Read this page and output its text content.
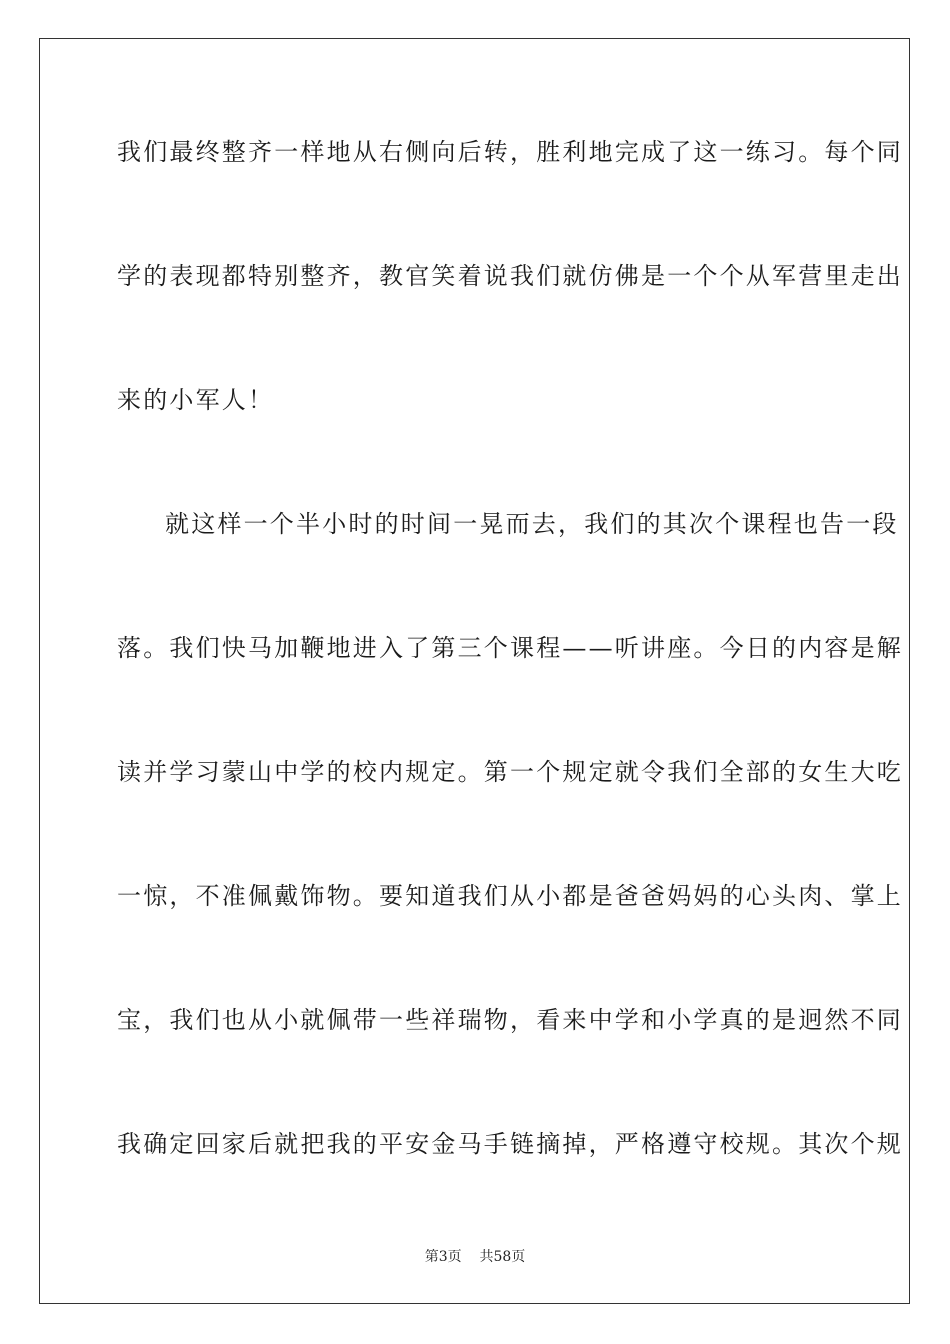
我们最终整齐一样地从右侧向后转，胜利地完成了这一练习。每个同
学的表现都特别整齐，教官笑着说我们就仿佛是一个个从军营里走出
来的小军人！
就这样一个半小时的时间一晃而去，我们的其次个课程也告一段
落。我们快马加鞭地进入了第三个课程——听讲座。今日的内容是解
读并学习蒙山中学的校内规定。第一个规定就令我们全部的女生大吃
一惊，不准佩戴饰物。要知道我们从小都是爸爸妈妈的心头肉、掌上
宝，我们也从小就佩带一些祥瑞物，看来中学和小学真的是迥然不同
我确定回家后就把我的平安金马手链摘掉，严格遵守校规。其次个规
第3页 共58页
